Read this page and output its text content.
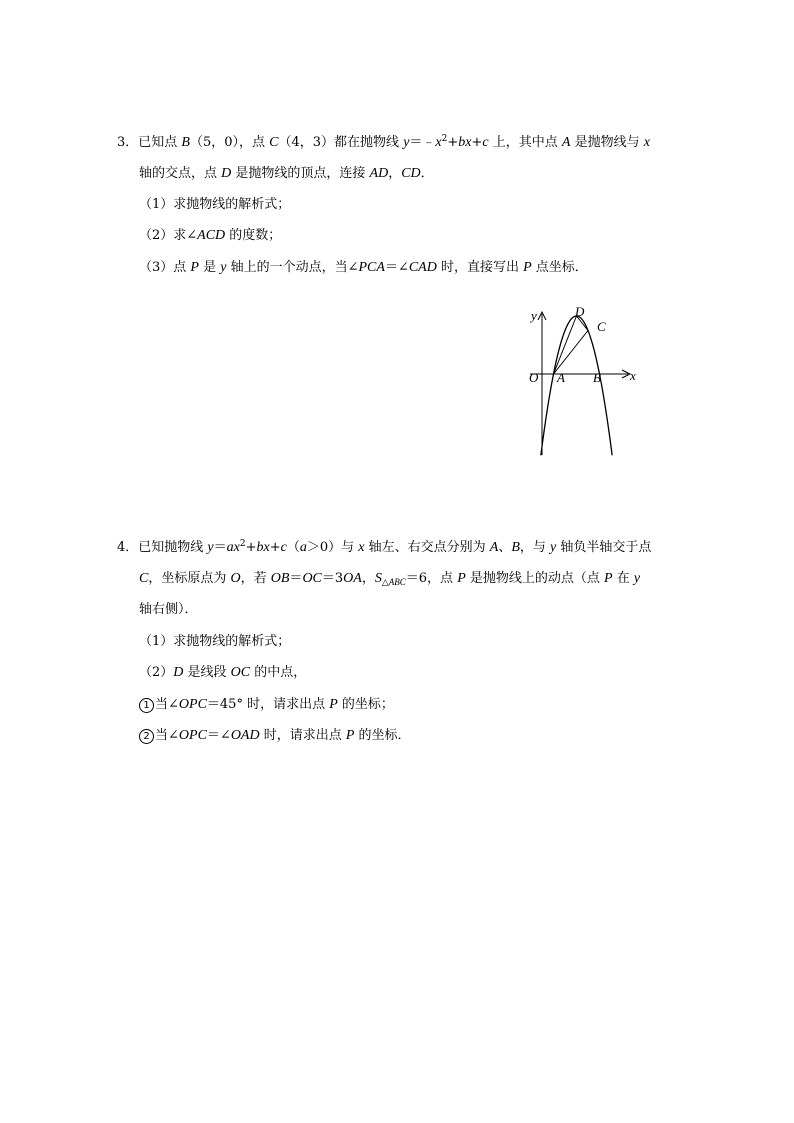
3．已知点 B（5，0），点 C（4，3）都在抛物线 $y=﹣x^2+bx+c$ 上，其中点 A 是抛物线与 x
轴的交点，点 D 是抛物线的顶点，连接 AD，CD．
（1）求抛物线的解析式；
（2）求∠ACD 的度数；
（3）点 P 是 y 轴上的一个动点，当∠PCA＝∠CAD 时，直接写出 P 点坐标．
y
x
O A B
C
D
4．已知抛物线 $y=ax^2+bx+c(a>0)$与 x 轴左、右交点分别为 A、B，与 y 轴负半轴交于点
C，坐标原点为 O，若 OB＝OC＝3OA，$S_{\triangle ABC}=6$，点 P 是抛物线上的动点（点 P 在 y
轴右侧）．
（1）求抛物线的解析式；
（2）D 是线段 OC 的中点，
1 当∠OPC＝45° 时，请求出点 P 的坐标；
2 当∠OPC＝∠OAD 时，请求出点 P 的坐标．
